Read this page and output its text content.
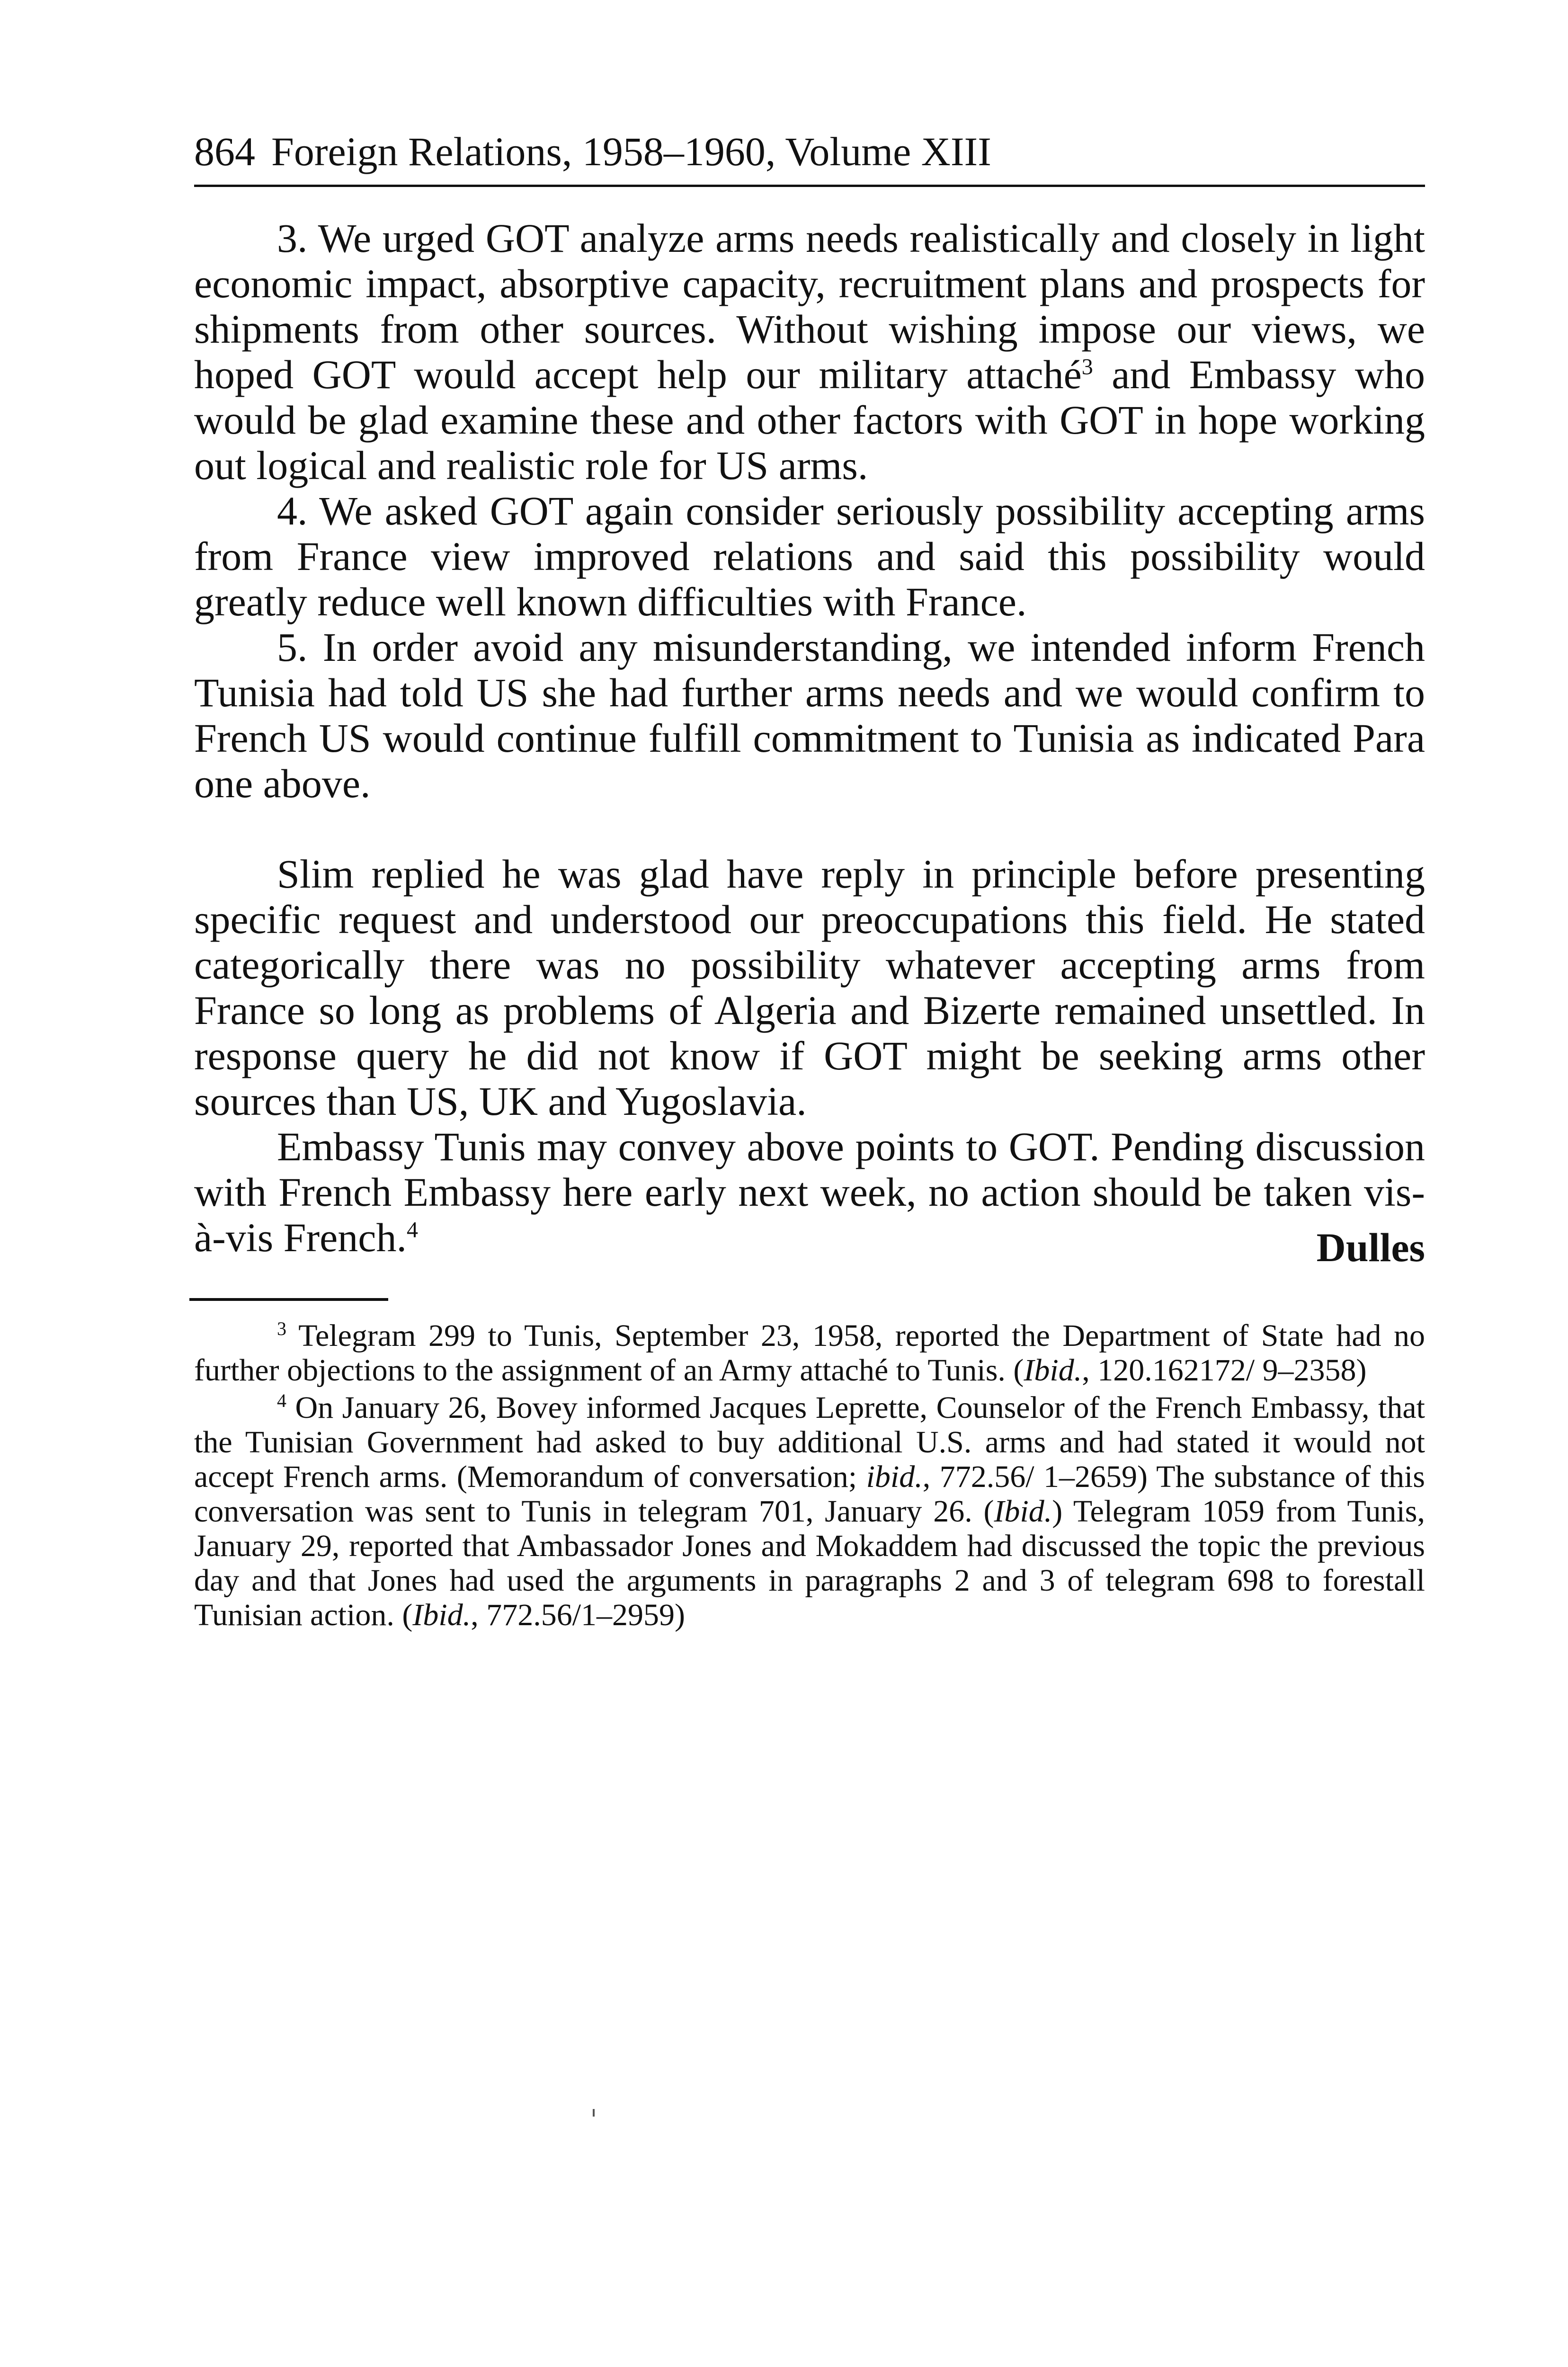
864 Foreign Relations, 1958–1960, Volume XIII

3. We urged GOT analyze arms needs realistically and closely in light economic impact, absorptive capacity, recruitment plans and prospects for shipments from other sources. Without wishing impose our views, we hoped GOT would accept help our military attaché$^3$ and Embassy who would be glad examine these and other factors with GOT in hope working out logical and realistic role for US arms.

4. We asked GOT again consider seriously possibility accepting arms from France view improved relations and said this possibility would greatly reduce well known difficulties with France.

5. In order avoid any misunderstanding, we intended inform French Tunisia had told US she had further arms needs and we would confirm to French US would continue fulfill commitment to Tunisia as indicated Para one above.

Slim replied he was glad have reply in principle before presenting specific request and understood our preoccupations this field. He stated categorically there was no possibility whatever accepting arms from France so long as problems of Algeria and Bizerte remained unsettled. In response query he did not know if GOT might be seeking arms other sources than US, UK and Yugoslavia.

Embassy Tunis may convey above points to GOT. Pending discussion with French Embassy here early next week, no action should be taken vis-à-vis French.$^4$	Dulles

$^3$ Telegram 299 to Tunis, September 23, 1958, reported the Department of State had no further objections to the assignment of an Army attaché to Tunis. (Ibid., 120.162172/ 9–2358)

$^4$ On January 26, Bovey informed Jacques Leprette, Counselor of the French Embassy, that the Tunisian Government had asked to buy additional U.S. arms and had stated it would not accept French arms. (Memorandum of conversation; ibid., 772.56/ 1–2659) The substance of this conversation was sent to Tunis in telegram 701, January 26. (Ibid.) Telegram 1059 from Tunis, January 29, reported that Ambassador Jones and Mokaddem had discussed the topic the previous day and that Jones had used the arguments in paragraphs 2 and 3 of telegram 698 to forestall Tunisian action. (Ibid., 772.56/1–2959)
